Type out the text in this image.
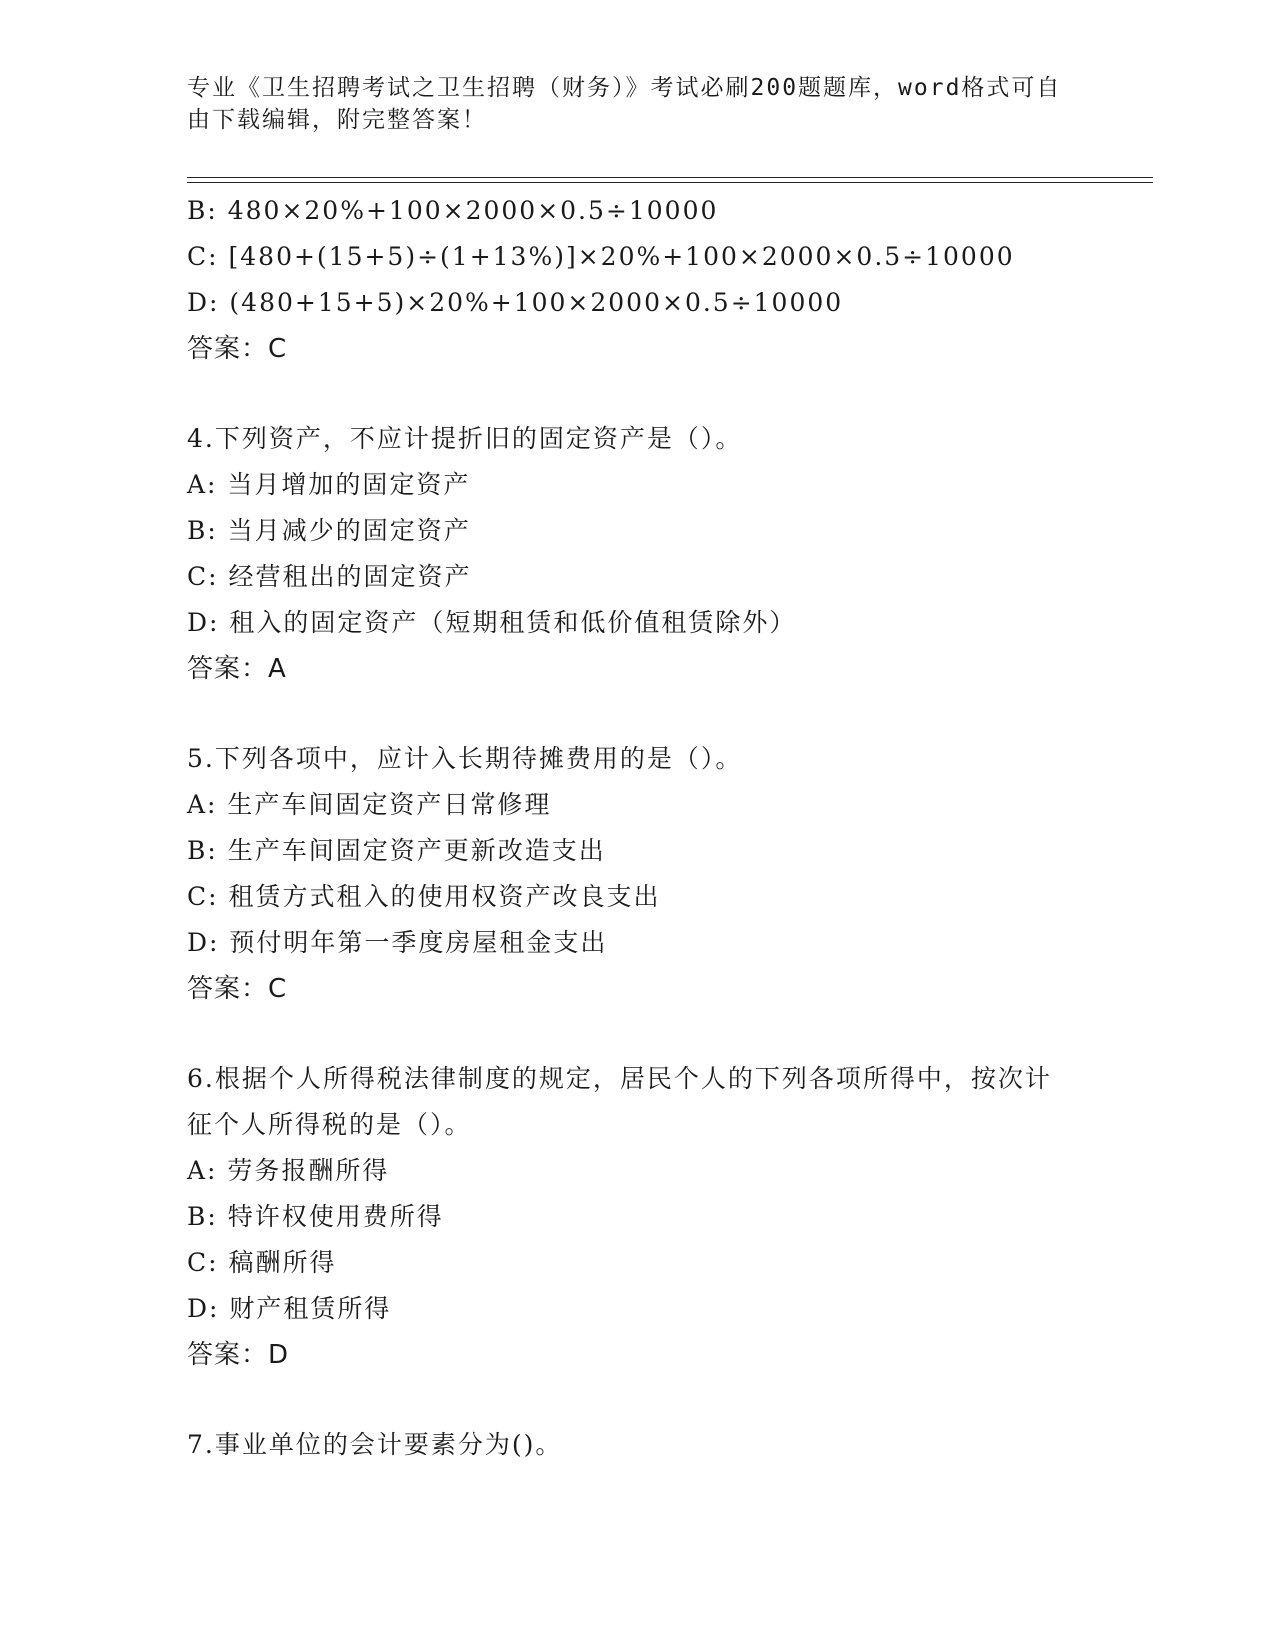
专业《卫生招聘考试之卫生招聘（财务）》考试必刷200题题库，word格式可自由下载编辑，附完整答案！
B: 480×20%+100×2000×0.5÷10000
C: [480+(15+5)÷(1+13%)]×20%+100×2000×0.5÷10000
D: (480+15+5)×20%+100×2000×0.5÷10000
答案：C
4.下列资产，不应计提折旧的固定资产是（）。
A: 当月增加的固定资产
B: 当月减少的固定资产
C: 经营租出的固定资产
D: 租入的固定资产（短期租赁和低价值租赁除外）
答案：A
5.下列各项中，应计入长期待摊费用的是（）。
A: 生产车间固定资产日常修理
B: 生产车间固定资产更新改造支出
C: 租赁方式租入的使用权资产改良支出
D: 预付明年第一季度房屋租金支出
答案：C
6.根据个人所得税法律制度的规定，居民个人的下列各项所得中，按次计征个人所得税的是（）。
A: 劳务报酬所得
B: 特许权使用费所得
C: 稿酬所得
D: 财产租赁所得
答案：D
7.事业单位的会计要素分为()。
